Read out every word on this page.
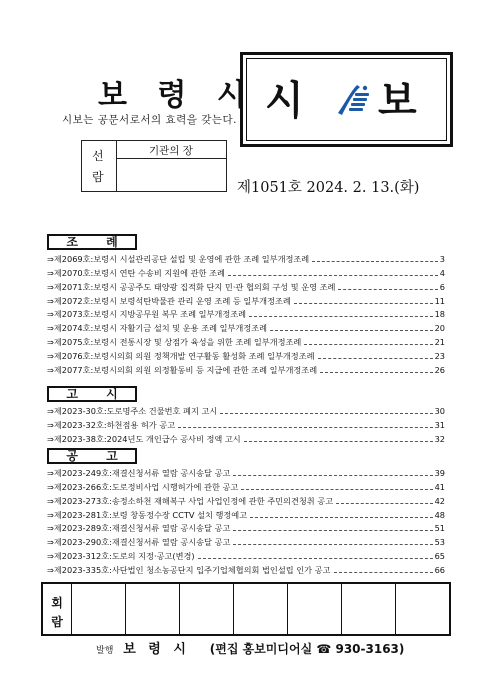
보 령 시
시보는 공문서로서의 효력을 갖는다. 시 보
선
람
기관의 장
제1051호 2024. 2. 13.(화)
조 례
⇒제2069호:보령시 시설관리공단 설립 및 운영에 관한 조례 일부개정조례	3
⇒제2070호:보령시 연탄 수송비 지원에 관한 조례	4
⇒제2071호:보령시 공공주도 태양광 집적화 단지 민·관 협의회 구성 및 운영 조례	6
⇒제2072호:보령시 보령석탄박물관 관리 운영 조례 등 일부개정조례	11
⇒제2073호:보령시 지방공무원 복무 조례 일부개정조례	18
⇒제2074호:보령시 자활기금 설치 및 운용 조례 일부개정조례	20
⇒제2075호:보령시 전통시장 및 상점가 육성을 위한 조례 일부개정조례	21
⇒제2076호:보령시의회 의원 정책개발 연구활동 활성화 조례 일부개정조례	23
⇒제2077호:보령시의회 의원 의정활동비 등 지급에 관한 조례 일부개정조례	26
고 시
⇒제2023-30호:도로명주소 건물번호 폐지 고시	30
⇒제2023-32호:하천점용 허가 공고	31
⇒제2023-38호:2024년도 개인급수 공사비 정액 고시	32
공 고
⇒제2023-249호:재결신청서류 열람 공시송달 공고	39
⇒제2023-266호:도로정비사업 시행허가에 관한 공고	41
⇒제2023-273호:송정소하천 재해복구 사업 사업인정에 관한 주민의견청취 공고	42
⇒제2023-281호:보령 창동정수장 CCTV 설치 행정예고	48
⇒제2023-289호:재결신청서류 열람 공시송달 공고	51
⇒제2023-290호:재결신청서류 열람 공시송달 공고	53
⇒제2023-312호:도로의 지정·공고(변경)	65
⇒제2023-335호:사단법인 청소농공단지 입주기업체협의회 법인설립 인가 공고	66
회
람
발행 보 령 시 (편집 홍보미디어실 ☎ 930-3163)
